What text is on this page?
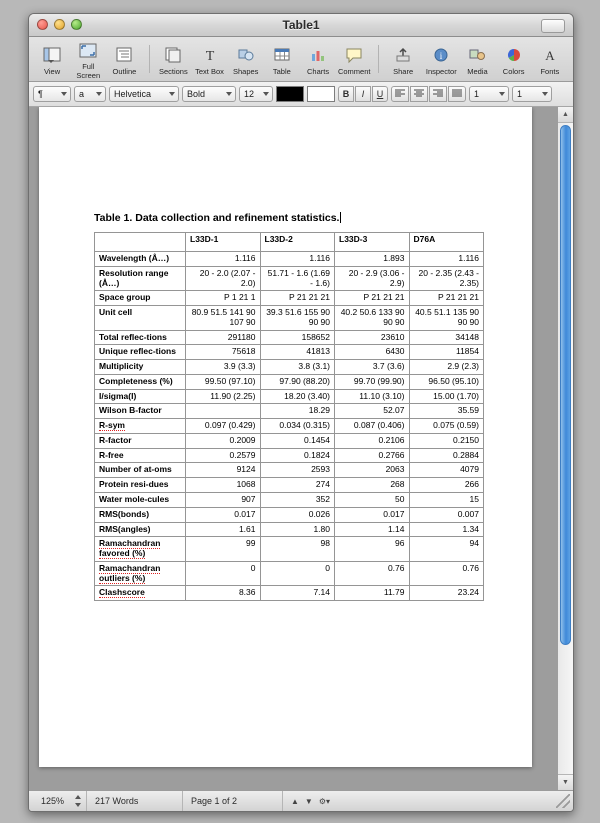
Table1
View	Full Screen	Outline	Sections
T
Text Box	Shapes	Table	Charts	Comment	Share
i
Inspector	Media	Colors
A
Fonts
¶	a	Helvetica	Bold	12	B	I	U	1	1
Table 1. Data collection and refinement statistics.
	L33D-1	L33D-2	L33D-3	D76A
Wavelength (Å…)	1.116	1.116	1.893	1.116
Resolution range (Å…)	20 - 2.0 (2.07 - 2.0)	51.71 - 1.6 (1.69 - 1.6)	20 - 2.9 (3.06 - 2.9)	20 - 2.35 (2.43 - 2.35)
Space group	P 1 21 1	P 21 21 21	P 21 21 21	P 21 21 21
Unit cell	80.9 51.5 141 90 107 90	39.3 51.6 155 90 90 90	40.2 50.6 133 90 90 90	40.5 51.1 135 90 90 90
Total reflec-tions	291180	158652	23610	34148
Unique reflec-tions	75618	41813	6430	11854
Multiplicity	3.9 (3.3)	3.8 (3.1)	3.7 (3.6)	2.9 (2.3)
Completeness (%)	99.50 (97.10)	97.90 (88.20)	99.70 (99.90)	96.50 (95.10)
I/sigma(I)	11.90 (2.25)	18.20 (3.40)	11.10 (3.10)	15.00 (1.70)
Wilson B-factor		18.29	52.07	35.59
R-sym	0.097 (0.429)	0.034 (0.315)	0.087 (0.406)	0.075 (0.59)
R-factor	0.2009	0.1454	0.2106	0.2150
R-free	0.2579	0.1824	0.2766	0.2884
Number of at-oms	9124	2593	2063	4079
Protein resi-dues	1068	274	268	266
Water mole-cules	907	352	50	15
RMS(bonds)	0.017	0.026	0.017	0.007
RMS(angles)	1.61	1.80	1.14	1.34
Ramachandran favored (%)	99	98	96	94
Ramachandran outliers (%)	0	0	0.76	0.76
Clashscore	8.36	7.14	11.79	23.24
▲
▼
125%	217 Words	Page 1 of 2	▲ ▼ ⚙▾
